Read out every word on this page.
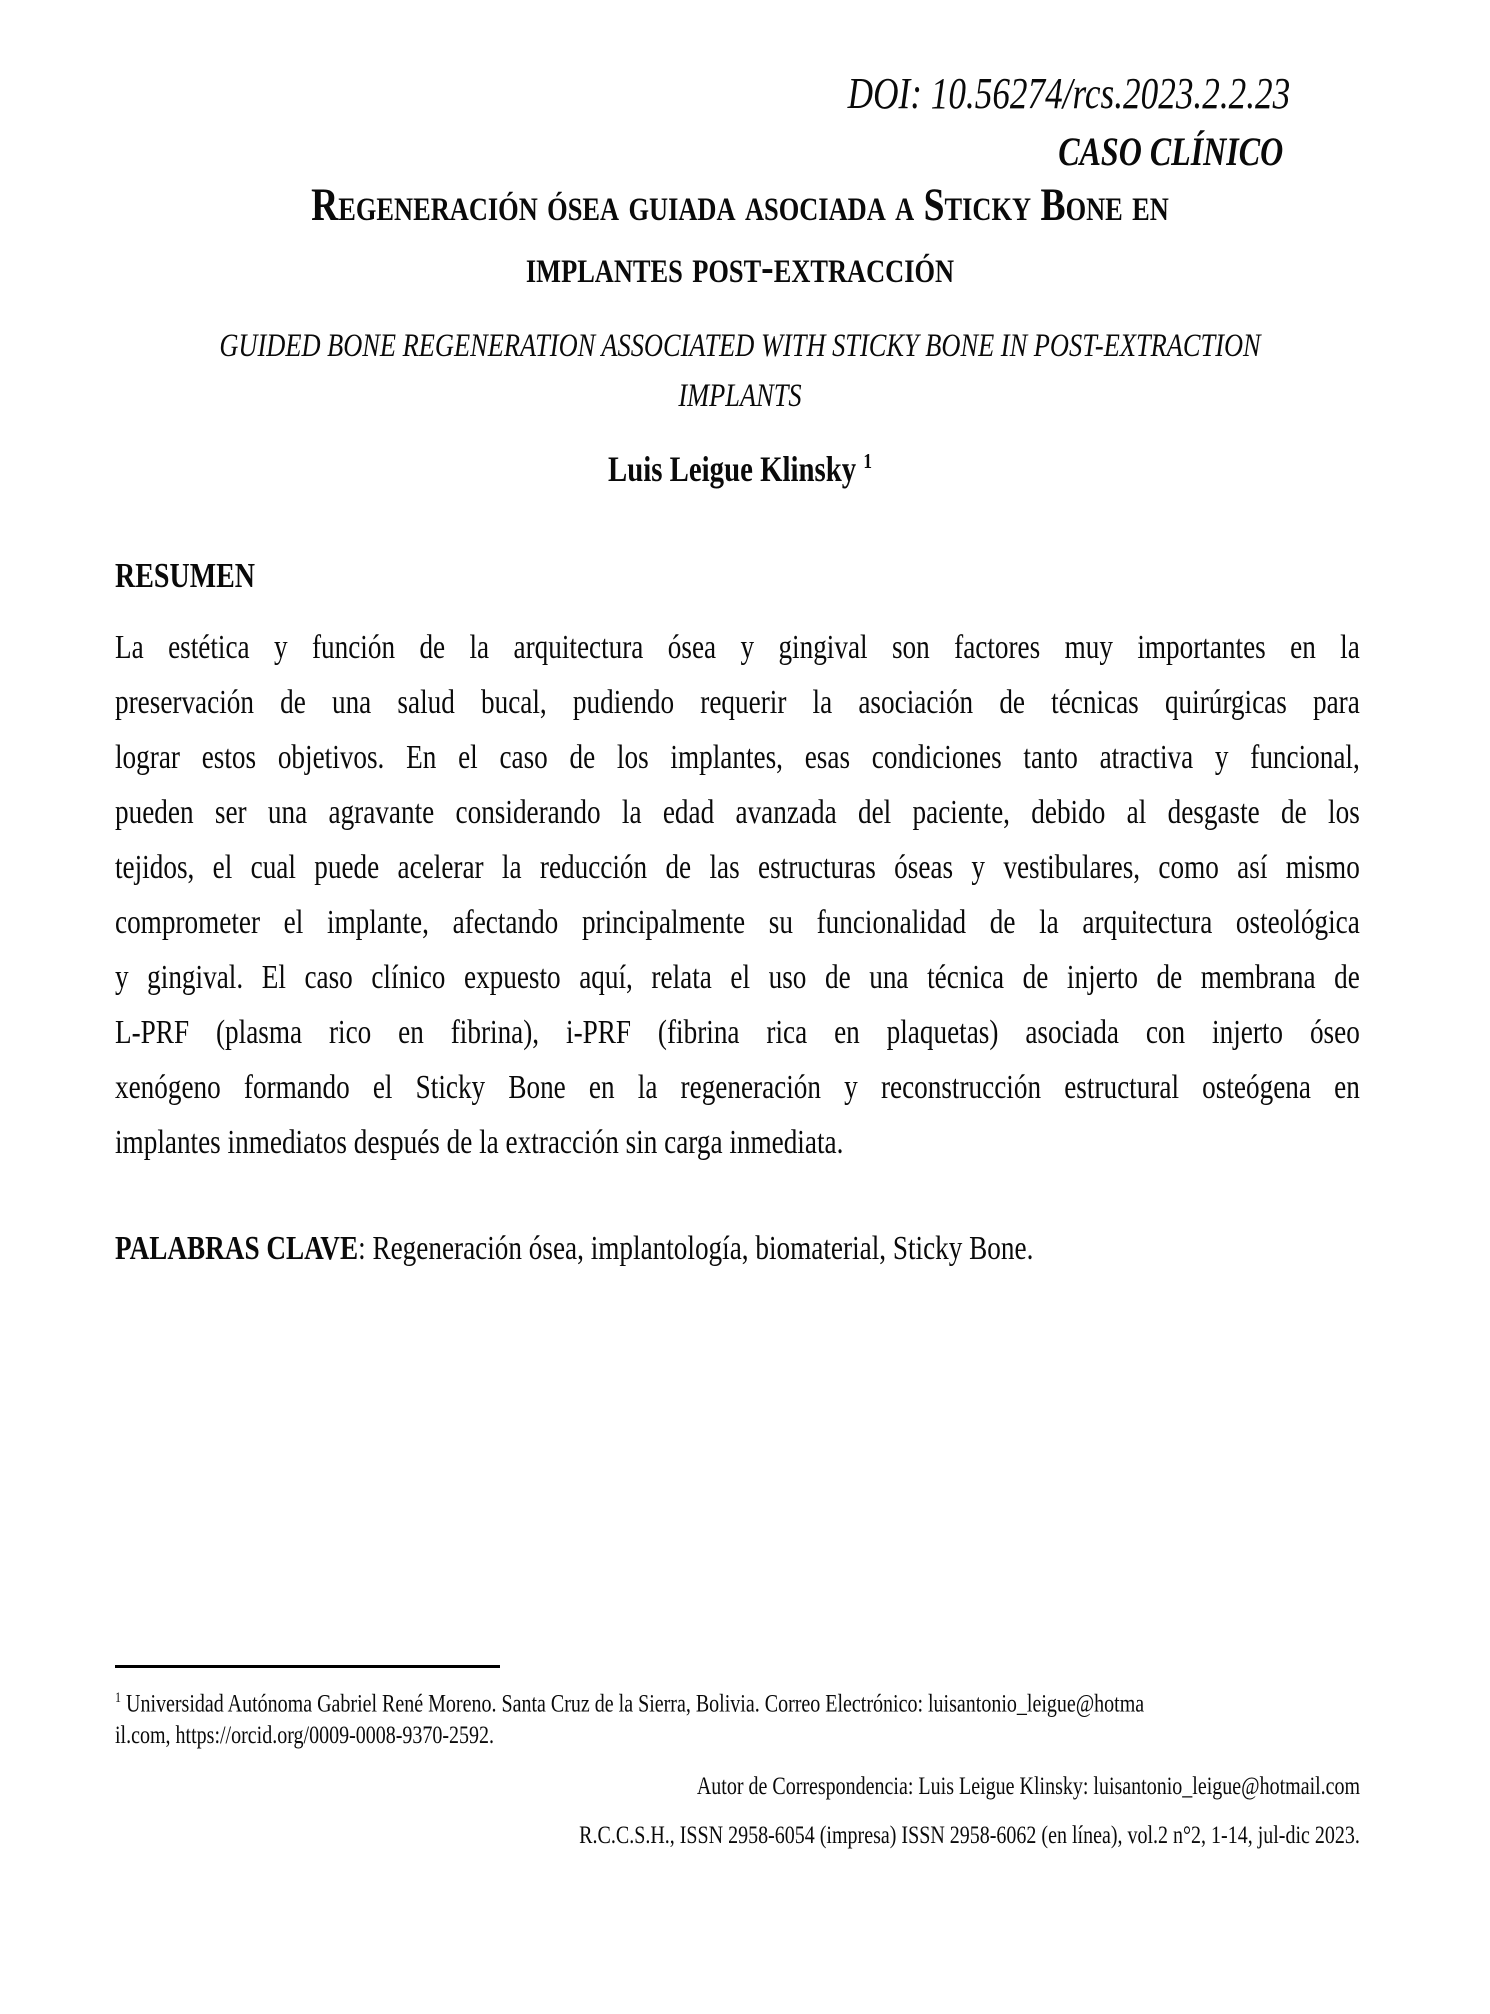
DOI: 10.56274/rcs.2023.2.2.23
CASO CLÍNICO
Regeneración ósea guiada asociada a Sticky Bone en
implantes post-extracción
GUIDED BONE REGENERATION ASSOCIATED WITH STICKY BONE IN POST-EXTRACTION
IMPLANTS
Luis Leigue Klinsky $^1$
RESUMEN
La estética y función de la arquitectura ósea y gingival son factores muy importantes en la
preservación de una salud bucal, pudiendo requerir la asociación de técnicas quirúrgicas para
lograr estos objetivos. En el caso de los implantes, esas condiciones tanto atractiva y funcional,
pueden ser una agravante considerando la edad avanzada del paciente, debido al desgaste de los
tejidos, el cual puede acelerar la reducción de las estructuras óseas y vestibulares, como así mismo
comprometer el implante, afectando principalmente su funcionalidad de la arquitectura osteológica
y gingival. El caso clínico expuesto aquí, relata el uso de una técnica de injerto de membrana de
L-PRF (plasma rico en fibrina), i-PRF (fibrina rica en plaquetas) asociada con injerto óseo
xenógeno formando el Sticky Bone en la regeneración y reconstrucción estructural osteógena en
implantes inmediatos después de la extracción sin carga inmediata.
PALABRAS CLAVE: Regeneración ósea, implantología, biomaterial, Sticky Bone.
$^1$ Universidad Autónoma Gabriel René Moreno. Santa Cruz de la Sierra, Bolivia. Correo Electrónico: luisantonio_leigue@hotma
il.com, https://orcid.org/0009-0008-9370-2592.
Autor de Correspondencia: Luis Leigue Klinsky: luisantonio_leigue@hotmail.com
R.C.C.S.H., ISSN 2958-6054 (impresa) ISSN 2958-6062 (en línea), vol.2 n°2, 1-14, jul-dic 2023.
